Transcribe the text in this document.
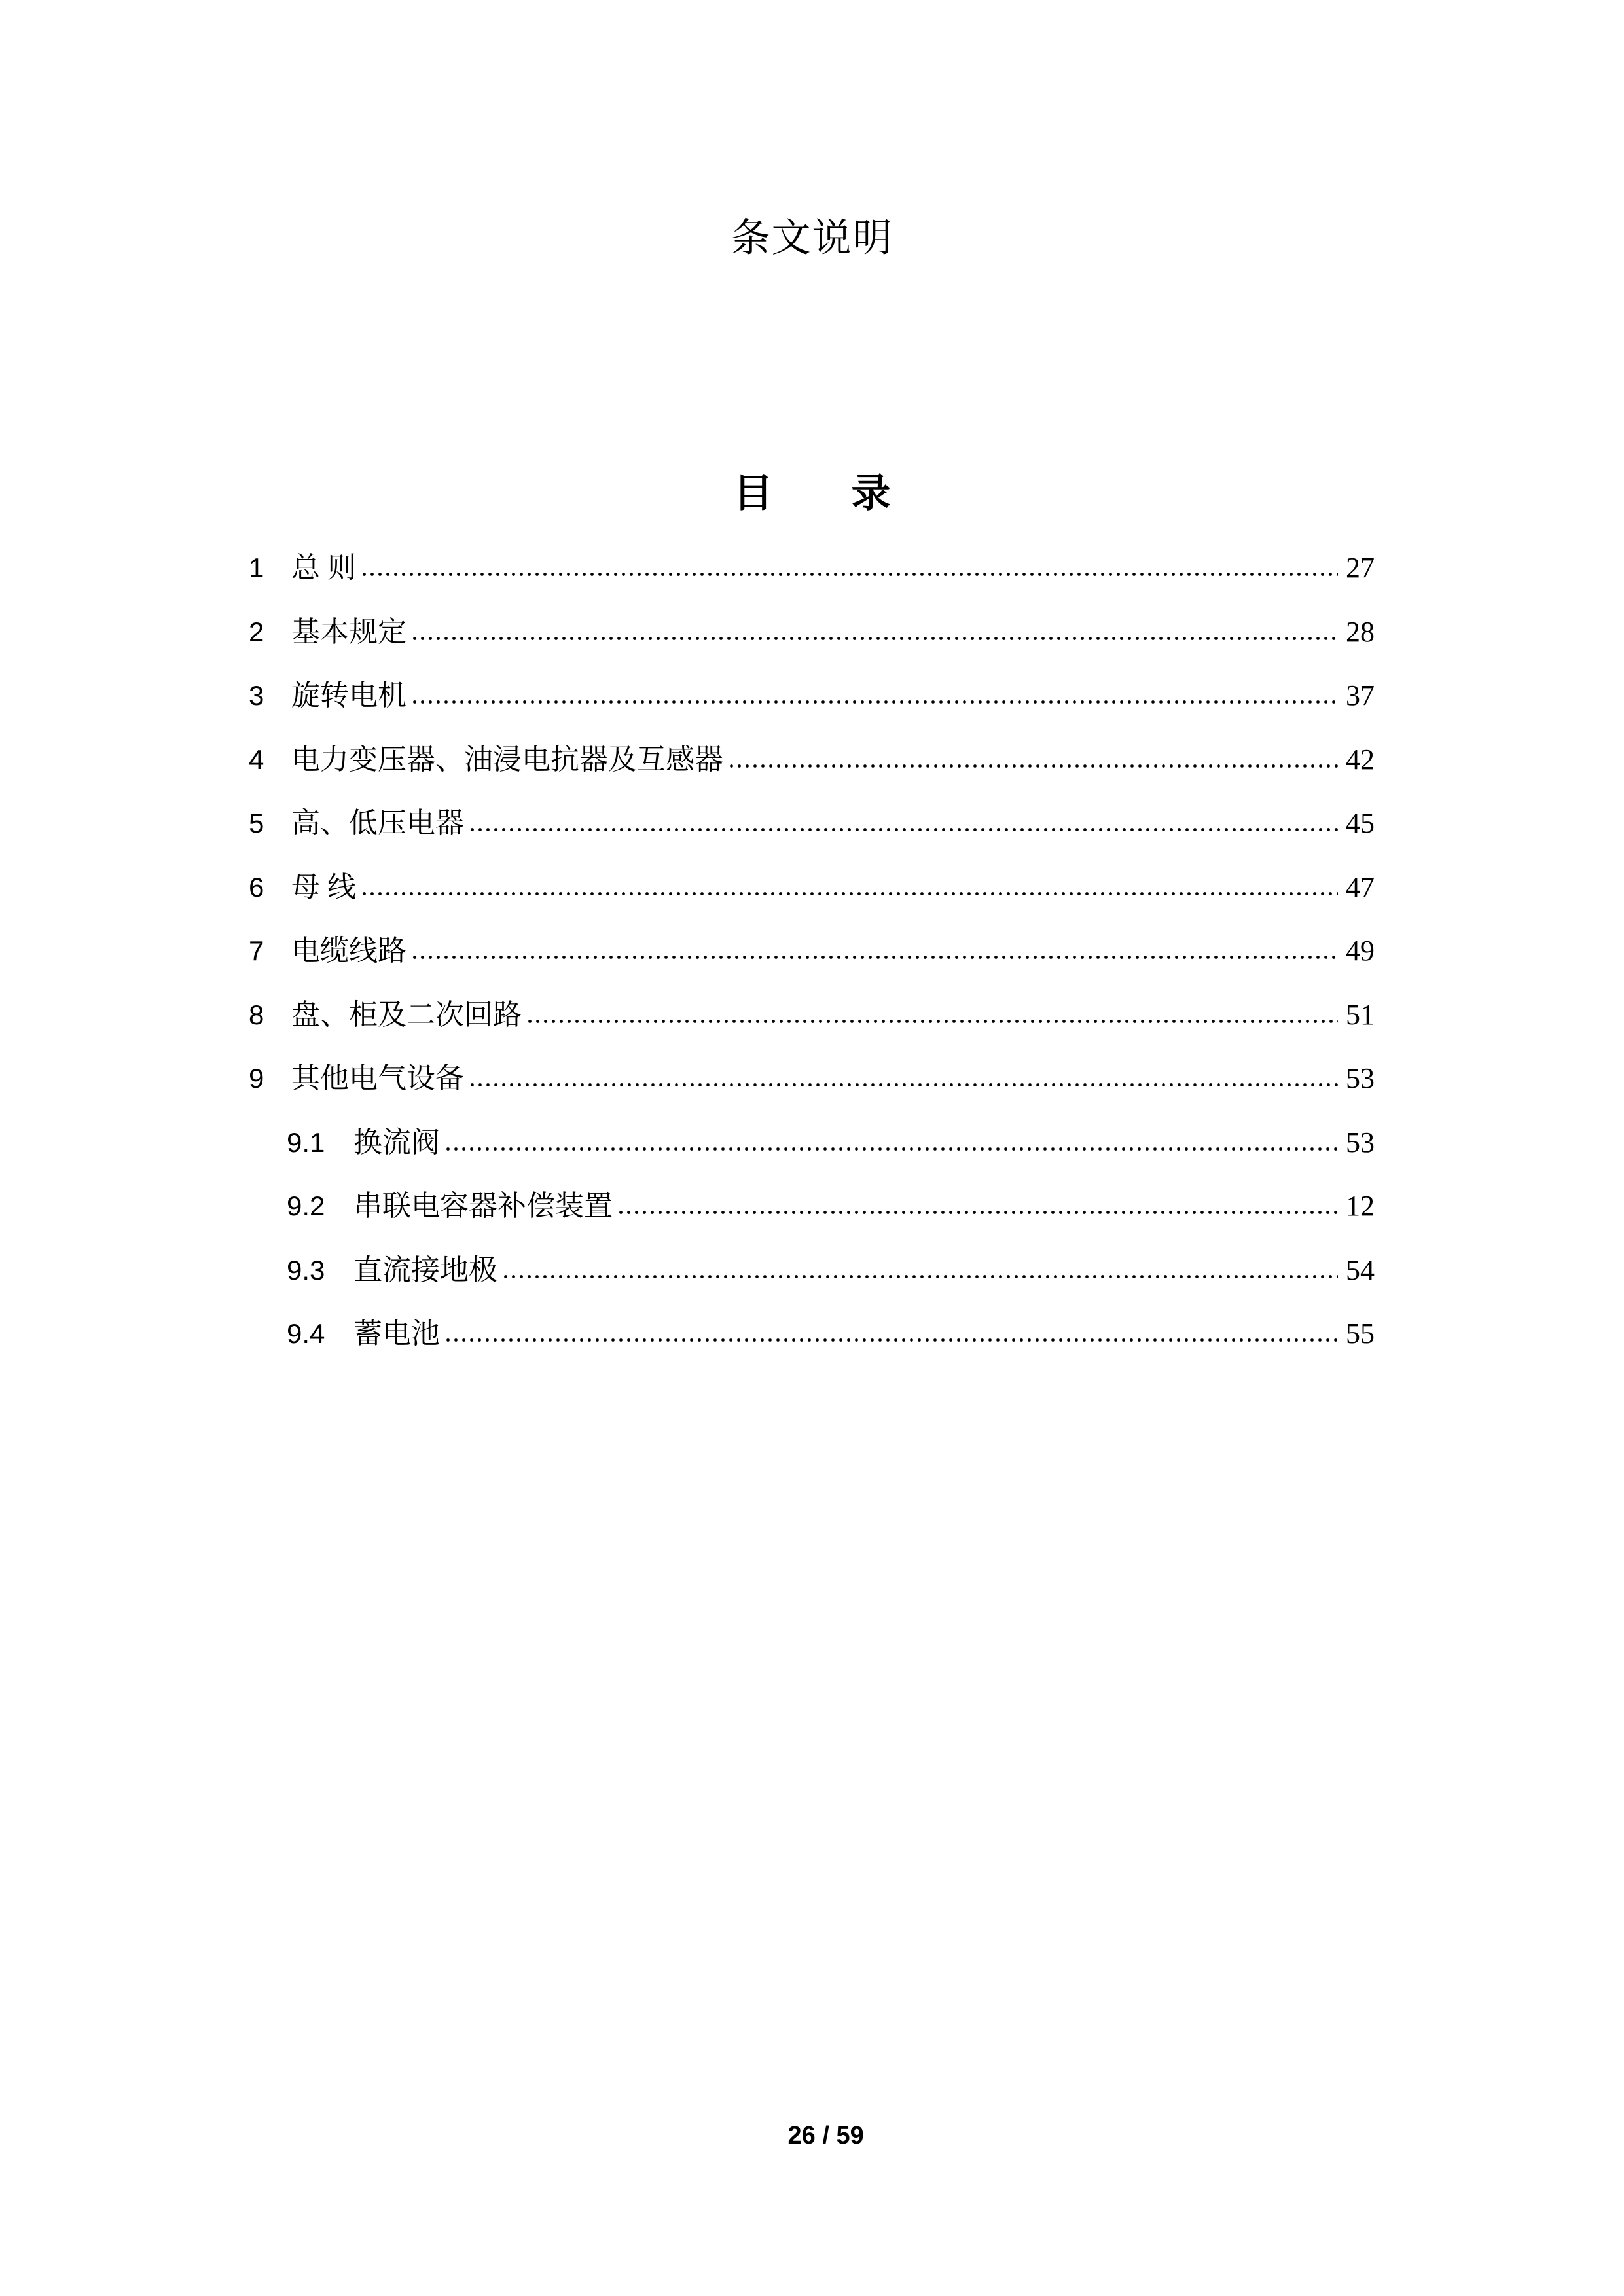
条文说明
目　　录
1 总 则	27
2 基本规定	28
3 旋转电机	37
4 电力变压器、油浸电抗器及互感器	42
5 高、低压电器	45
6 母 线	47
7 电缆线路	49
8 盘、柜及二次回路	51
9 其他电气设备	53
9.1 换流阀	53
9.2 串联电容器补偿装置	12
9.3 直流接地极	54
9.4 蓄电池	55

26 / 59
